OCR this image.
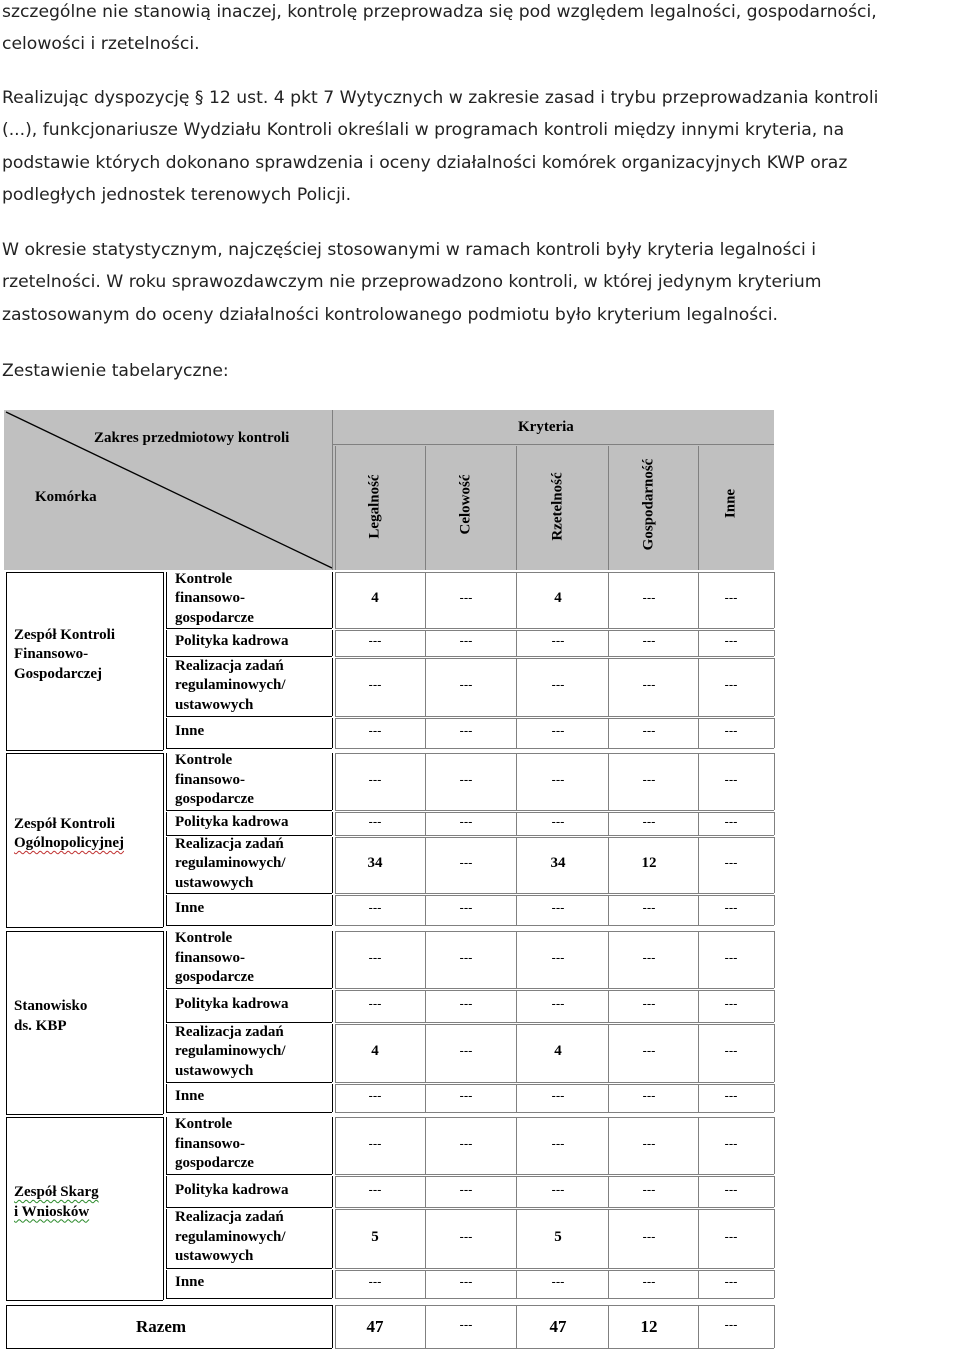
szczególne nie stanowią inaczej, kontrolę przeprowadza się pod względem legalności, gospodarności,

celowości i rzetelności.

Realizując dyspozycję § 12 ust. 4 pkt 7 Wytycznych w zakresie zasad i trybu przeprowadzania kontroli

(...), funkcjonariusze Wydziału Kontroli określali w programach kontroli między innymi kryteria, na

podstawie których dokonano sprawdzenia i oceny działalności komórek organizacyjnych KWP oraz

podległych jednostek terenowych Policji.

W okresie statystycznym, najczęściej stosowanymi w ramach kontroli były kryteria legalności i

rzetelności. W roku sprawozdawczym nie przeprowadzono kontroli, w której jedynym kryterium

zastosowanym do oceny działalności kontrolowanego podmiotu było kryterium legalności.

Zestawienie tabelaryczne:

Zakres przedmiotowy kontroli
Komórka
Kryteria
Legalność	Celowość	Rzetelność	Gospodarność	Inne
Zespół Kontroli
Finansowo-
Gospodarczej
Kontrole
finansowo-
gospodarcze
4	---	4	---	---
Polityka kadrowa	---	---	---	---	---
Realizacja zadań
regulaminowych/
ustawowych
---	---	---	---	---
Inne	---	---	---	---	---
Zespół Kontroli
Ogólnopolicyjnej
Kontrole
finansowo-
gospodarcze
---	---	---	---	---
Polityka kadrowa	---	---	---	---	---
Realizacja zadań
regulaminowych/
ustawowych
34	---	34	12	---
Inne	---	---	---	---	---
Stanowisko
ds. KBP
Kontrole
finansowo-
gospodarcze
---	---	---	---	---
Polityka kadrowa	---	---	---	---	---
Realizacja zadań
regulaminowych/
ustawowych
4	---	4	---	---
Inne	---	---	---	---	---
Zespół Skarg
i Wniosków
Kontrole
finansowo-
gospodarcze
---	---	---	---	---
Polityka kadrowa	---	---	---	---	---
Realizacja zadań
regulaminowych/
ustawowych
5	---	5	---	---
Inne	---	---	---	---	---
Razem	47	---	47	12	---
